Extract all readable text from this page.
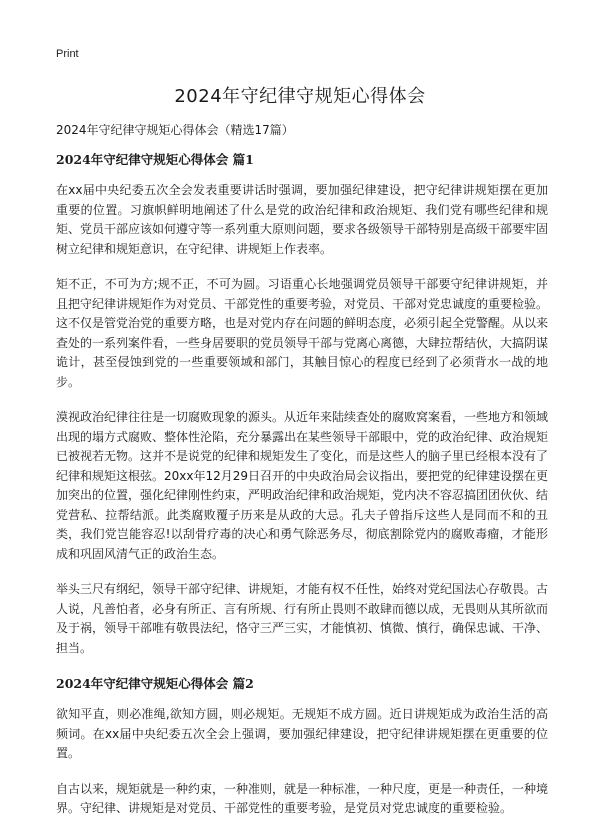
Print
2024年守纪律守规矩心得体会

2024年守纪律守规矩心得体会（精选17篇）

2024年守纪律守规矩心得体会 篇1

在xx届中央纪委五次全会发表重要讲话时强调，要加强纪律建设，把守纪律讲规矩摆在更加重要的位置。习旗帜鲜明地阐述了什么是党的政治纪律和政治规矩、我们党有哪些纪律和规矩、党员干部应该如何遵守等一系列重大原则问题，要求各级领导干部特别是高级干部要牢固树立纪律和规矩意识，在守纪律、讲规矩上作表率。

矩不正，不可为方;规不正，不可为圆。习语重心长地强调党员领导干部要守纪律讲规矩，并且把守纪律讲规矩作为对党员、干部党性的重要考验，对党员、干部对党忠诚度的重要检验。这不仅是管党治党的重要方略，也是对党内存在问题的鲜明态度，必须引起全党警醒。从以来查处的一系列案件看，一些身居要职的党员领导干部与党离心离德，大肆拉帮结伙，大搞阴谋诡计，甚至侵蚀到党的一些重要领域和部门，其触目惊心的程度已经到了必须背水一战的地步。

漠视政治纪律往往是一切腐败现象的源头。从近年来陆续查处的腐败窝案看，一些地方和领域出现的塌方式腐败、整体性沦陷，充分暴露出在某些领导干部眼中，党的政治纪律、政治规矩已被视若无物。这并不是说党的纪律和规矩发生了变化，而是这些人的脑子里已经根本没有了纪律和规矩这根弦。20xx年12月29日召开的中央政治局会议指出，要把党的纪律建设摆在更加突出的位置，强化纪律刚性约束，严明政治纪律和政治规矩，党内决不容忍搞团团伙伙、结党营私、拉帮结派。此类腐败覆子历来是从政的大忌。孔夫子曾指斥这些人是同而不和的丑类，我们党岂能容忍!以刮骨疗毒的决心和勇气除恶务尽，彻底割除党内的腐败毒瘤，才能形成和巩固风清气正的政治生态。

举头三尺有纲纪，领导干部守纪律、讲规矩，才能有权不任性，始终对党纪国法心存敬畏。古人说，凡善怕者，必身有所正、言有所规、行有所止畏则不敢肆而德以成，无畏则从其所欲而及于祸，领导干部唯有敬畏法纪，恪守三严三实，才能慎初、慎微、慎行，确保忠诚、干净、担当。

2024年守纪律守规矩心得体会 篇2

欲知平直，则必准绳,欲知方圆，则必规矩。无规矩不成方圆。近日讲规矩成为政治生活的高频词。在xx届中央纪委五次全会上强调，要加强纪律建设，把守纪律讲规矩摆在更重要的位置。

自古以来，规矩就是一种约束，一种准则，就是一种标准，一种尺度，更是一种责任，一种境界。守纪律、讲规矩是对党员、干部党性的重要考验，是党员对党忠诚度的重要检验。
